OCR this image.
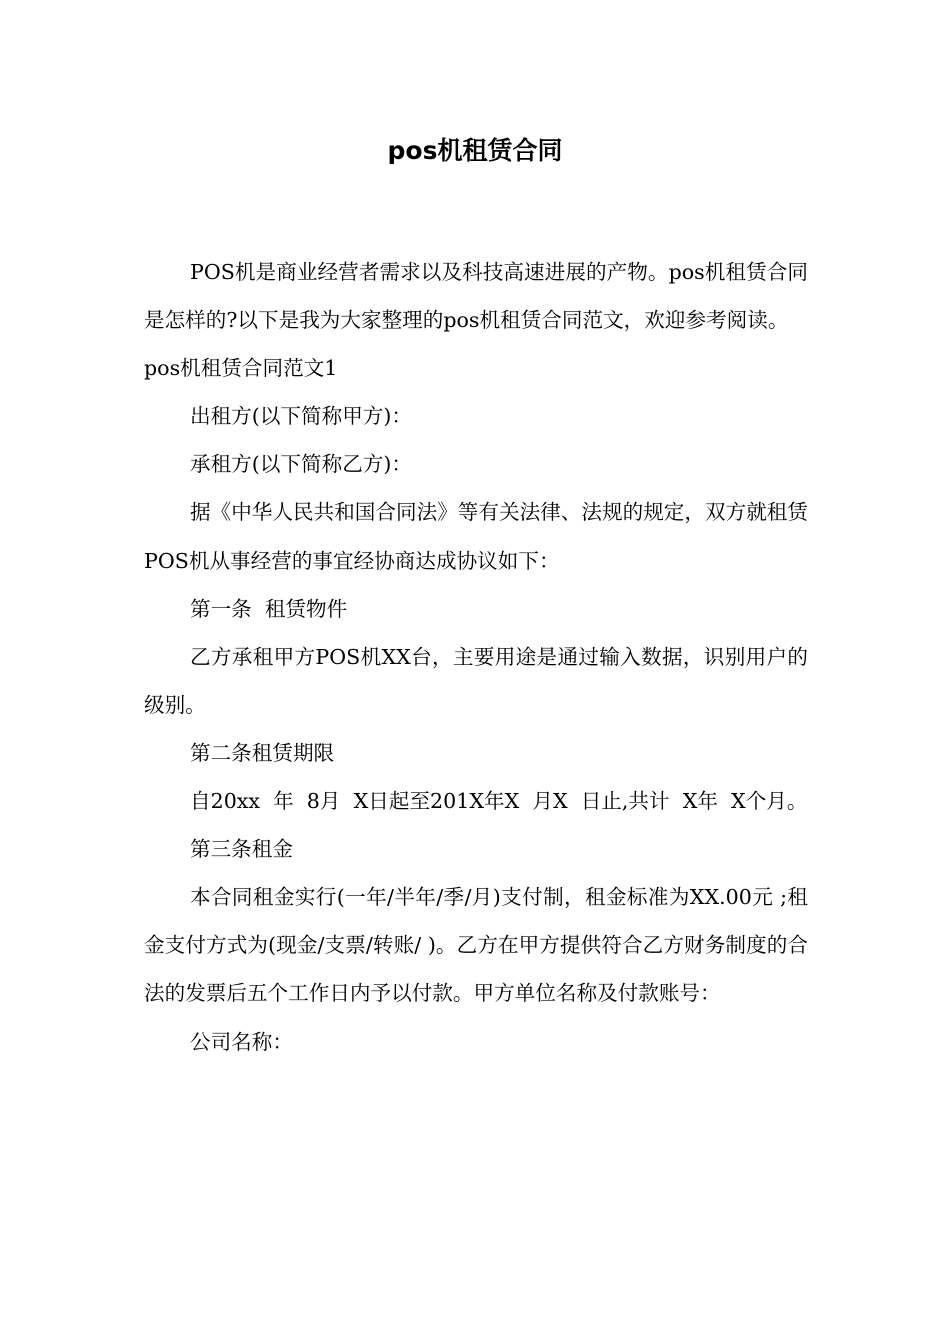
pos机租赁合同

POS机是商业经营者需求以及科技高速进展的产物。pos机租赁合同是怎样的?以下是我为大家整理的pos机租赁合同范文，欢迎参考阅读。

pos机租赁合同范文1

出租方(以下简称甲方)：

承租方(以下简称乙方)：

据《中华人民共和国合同法》等有关法律、法规的规定，双方就租赁POS机从事经营的事宜经协商达成协议如下：

第一条  租赁物件

乙方承租甲方POS机XX台，主要用途是通过输入数据，识别用户的级别。

第二条租赁期限

自20xx  年  8月  X日起至201X年X  月X  日止,共计  X年  X个月。

第三条租金

本合同租金实行(一年/半年/季/月)支付制，租金标准为XX.00元 ;租金支付方式为(现金/支票/转账/ )。乙方在甲方提供符合乙方财务制度的合法的发票后五个工作日内予以付款。甲方单位名称及付款账号：

公司名称：
